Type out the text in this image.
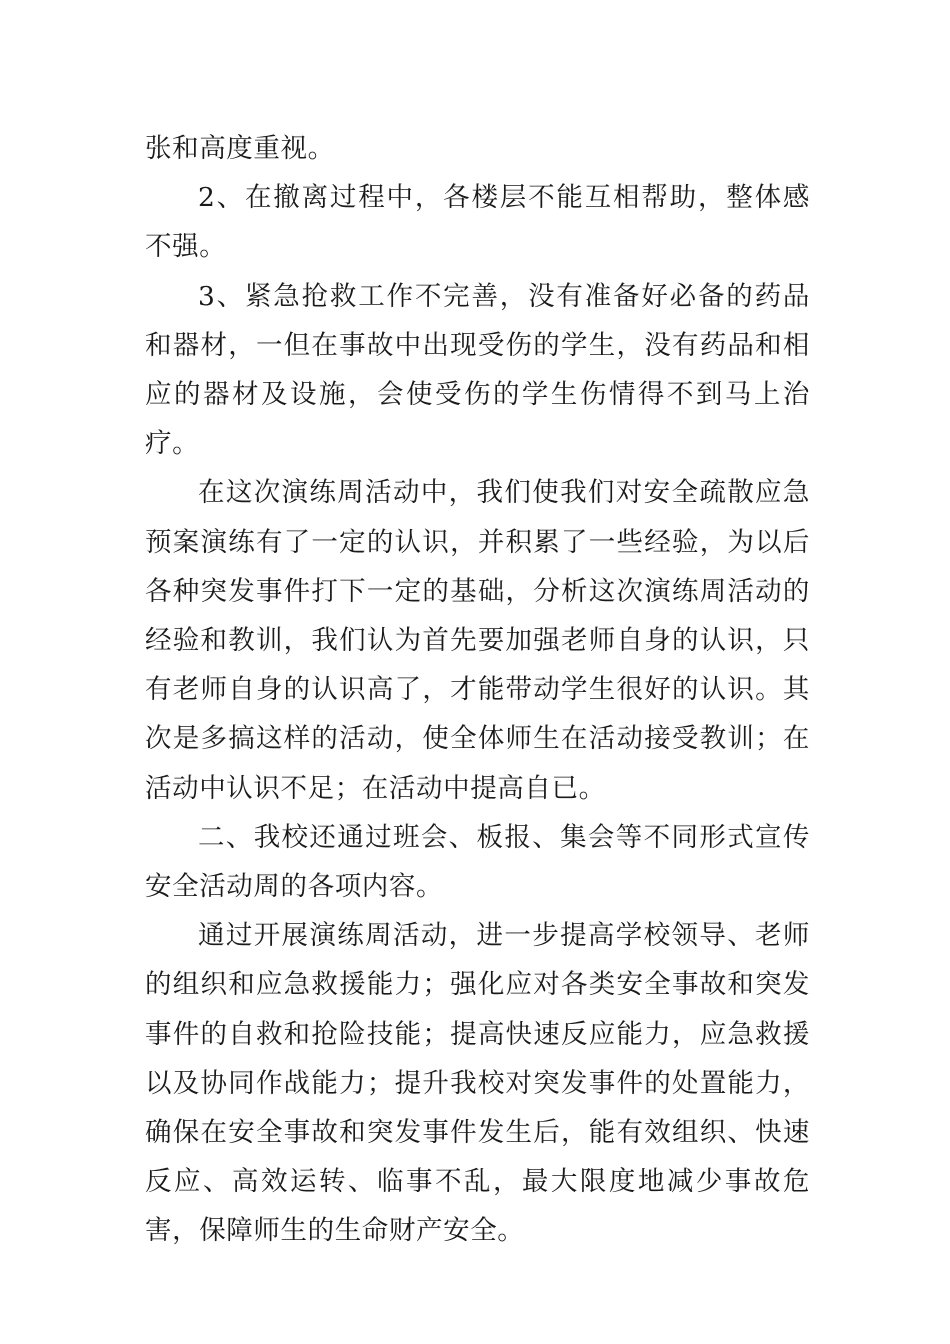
张和高度重视。

2、在撤离过程中，各楼层不能互相帮助，整体感不强。

3、紧急抢救工作不完善，没有准备好必备的药品和器材，一但在事故中出现受伤的学生，没有药品和相应的器材及设施，会使受伤的学生伤情得不到马上治疗。

在这次演练周活动中，我们使我们对安全疏散应急预案演练有了一定的认识，并积累了一些经验，为以后各种突发事件打下一定的基础，分析这次演练周活动的经验和教训，我们认为首先要加强老师自身的认识，只有老师自身的认识高了，才能带动学生很好的认识。其次是多搞这样的活动，使全体师生在活动接受教训；在活动中认识不足；在活动中提高自已。

二、我校还通过班会、板报、集会等不同形式宣传安全活动周的各项内容。

通过开展演练周活动，进一步提高学校领导、老师的组织和应急救援能力；强化应对各类安全事故和突发事件的自救和抢险技能；提高快速反应能力，应急救援以及协同作战能力；提升我校对突发事件的处置能力，确保在安全事故和突发事件发生后，能有效组织、快速反应、高效运转、临事不乱，最大限度地减少事故危害，保障师生的生命财产安全。
